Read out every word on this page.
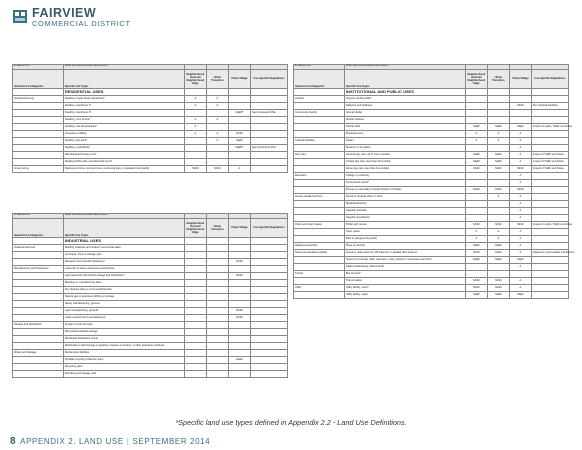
FAIRVIEW
COMMERCIAL DISTRICT
A = Allowed Use	MinM= Minor Warrant MajM= Major Warrant				
General Use Categories	Specific Use Types	Neighborhood General/ Neighborhood Edge	Urban Transition	Urban Village	Use-Specific Regulations
	RESIDENTIAL USES				
Household Living	Dwelling, single-family (detached)*	A	A		
	Dwelling, townhome 1*	A	A		
	Dwelling, townhome 4*			MajM?	See Framework Plan
	Dwelling, zero lot line*	A	A		
	Dwelling, two-family/duplex*	A			
	Accessory building	A	A	MinM	
	Dwelling, live-work*		A	MajM	
	Dwelling, multi-family*			MajM?	See Framework Plan
	Manufactured housing unit*				
	Dwelling HUD-code manufactured home*				
Group Living	Retirement home, nursing home, continuing care, or assisted living facility	MinM	MinM	A	
A = Allowed Use	MinM= Minor Warrant MajM= Major Warrant				
General Use Categories	Specific Use Types	Neighborhood General/ Neighborhood Edge	Urban Transition	Urban Village	Use-Specific Regulations
	INDUSTRIAL USES				
Industrial Services	Building materials and outdoor commercial sales				
	Contractor shop or storage yard				
	Research and scientific laboratory*			MinM	
Manufacturing and Production	Assembly of heavy electronics and devices				
	Light assembly with limited storage and distribution*			MinM	
	Batching or manufacturing plant				
	Dry cleaning plant or commercial laundry				
	Natural gas or petroleum drilling or storage				
	Heavy manufacturing, general				
	Light manufacturing, general*			MinM	
	Clean research and manufacturing*			MinM	
Storage and Distribution	Freight or truck terminal				
	Mini-warehouse/self-storage				
	Wholesale distribution center				
	Wholesale or bulk storage or gasoline, propane or butane, or other petroleum products				
Waste and Salvage	Reclamation facilities				
	Portable recycling collection point			MajM	
	Recycling plant				
	Wrecking and salvage yard				
A = Allowed Use	MinM= Minor Warrant MajM= Major Warrant				
General Use Categories	Specific Use Types	Neighborhood General/ Neighborhood Edge	Urban Transition	Urban Village	Use-Specific Regulations
	INSTITUTIONAL AND PUBLIC USES				
Aviation	Airports, landing fields				
	Heliports and helistops			MinM	Per Hospital Facilities
Community Facility	Animal shelter				
	Athletic stadium				
	Athletic field	MajM	MajM	MajM	Impact of Lights, Traffic and Noise
	Municipal uses	A	A	A	
Cultural Facilities	Library	A	A	A	
	Museum or art gallery			A	
Day Care	General day care, 20 or more enrolled	MajM	MajM	A	Impact of Traffic and Noise
	Limited day care, less than 20 enrolled	MajM	MajM	A	Impact of Traffic and Noise
	Home day care, less than 12 enrolled	MinM	MinM	MinM	Impact of Traffic and Noise
Education	College or university			A	
	Correctional school*			A	
	Primary or secondary schools (Public or Private)	MinM	MinM	MinM	
Human Health Services	Dental or medical office or clinic		A	A	
	Medical laboratory			A	
	Hospital (medical)			A	
	Hospital (psychiatric)			A	
Parks and Open Space	Public golf course	MinM	MinM	MinM	Impact of Lights, Traffic and Noise
	Open space	A	A	A	
	Park or playground (public)	A	A	A	
Religious Assembly	Place of worship	MajM	MajM	A	
Telecommunications Facility	Antenna: radio antenna, CB antenna, or satellite dish antenna	MinM	MinM	A	Adjacency and possible interference
	Tower (commercial, radio, television, relay, cellular or microwave) tour #2 A	MajM	MajM	MajM	
	Radio broadcasting without tower			A	
Transit	Bus terminal				
	Transit station	MinM	MinM	A	
Utility	Utility facility, minor*	MinM	MinM	A	
	Utility facility, major	MajM	MajM	MajM	
*Specific land use types defined in Appendix 2.2 - Land Use Definitions.
8 APPENDIX 2. LAND USE | SEPTEMBER 2014
